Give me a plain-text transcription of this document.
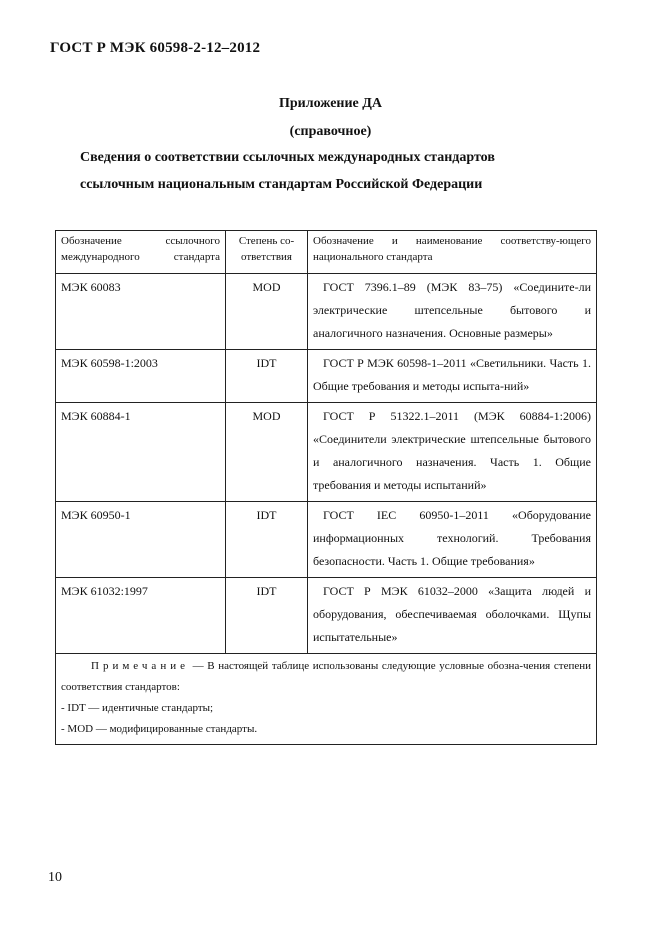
ГОСТ Р МЭК 60598-2-12–2012
Приложение ДА
(справочное)
Сведения о соответствии ссылочных международных стандартов
ссылочным национальным стандартам Российской Федерации
Обозначение ссылочного международного стандарта	Степень со-ответствия	Обозначение и наименование соответству-ющего национального стандарта
МЭК 60083	MOD	ГОСТ 7396.1–89 (МЭК 83–75) «Соедините-ли электрические штепсельные бытового и аналогичного назначения. Основные размеры»
МЭК 60598-1:2003	IDT	ГОСТ Р МЭК 60598-1–2011 «Светильники. Часть 1. Общие требования и методы испыта-ний»
МЭК 60884-1	MOD	ГОСТ Р 51322.1–2011 (МЭК 60884-1:2006) «Соединители электрические штепсельные бытового и аналогичного назначения. Часть 1. Общие требования и методы испытаний»
МЭК 60950-1	IDT	ГОСТ IEC 60950-1–2011 «Оборудование информационных технологий. Требования безопасности. Часть 1. Общие требования»
МЭК 61032:1997	IDT	ГОСТ Р МЭК 61032–2000 «Защита людей и оборудования, обеспечиваемая оболочками. Щупы испытательные»

Примечание — В настоящей таблице использованы следующие условные обозна-чения степени соответствия стандартов:
- IDT — идентичные стандарты;
- MOD — модифицированные стандарты.		
10
